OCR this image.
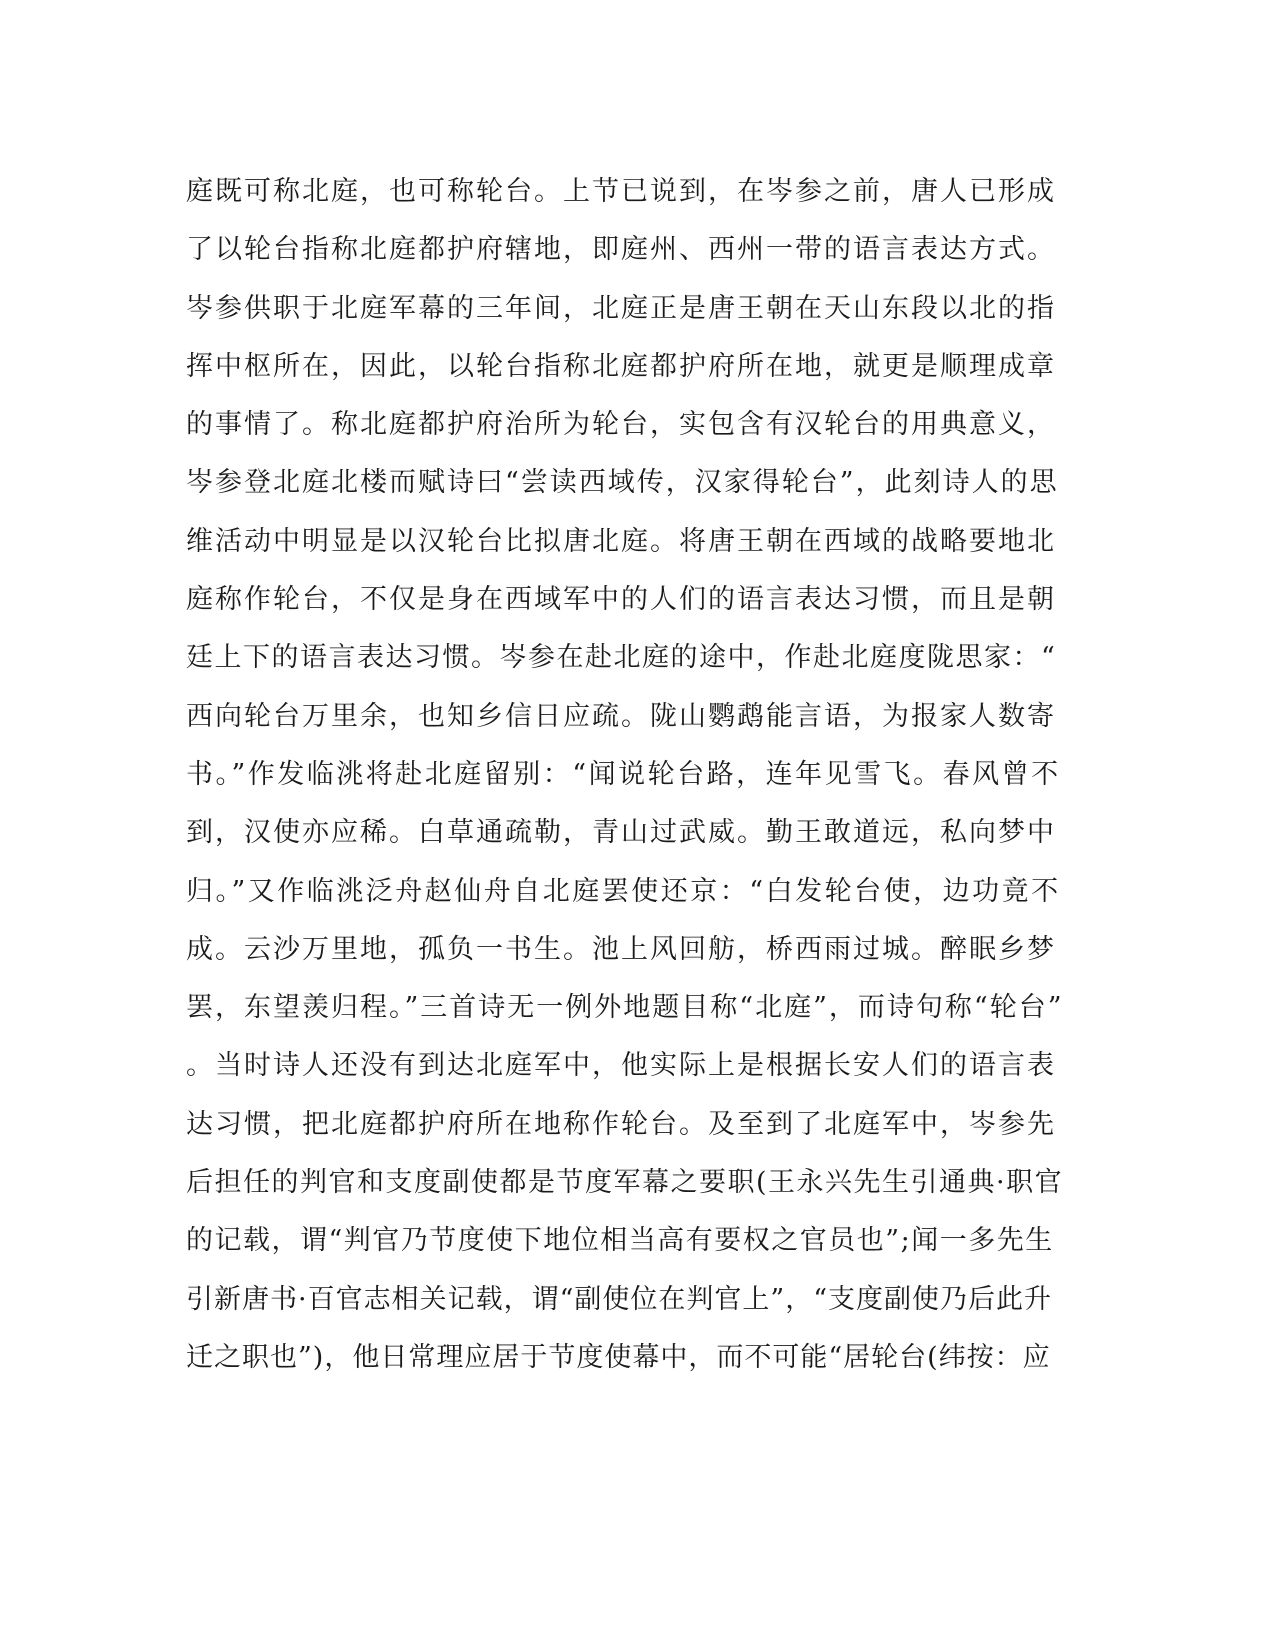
庭既可称北庭，也可称轮台。上节已说到，在岑参之前，唐人已形成
了以轮台指称北庭都护府辖地，即庭州、西州一带的语言表达方式。
岑参供职于北庭军幕的三年间，北庭正是唐王朝在天山东段以北的指
挥中枢所在，因此，以轮台指称北庭都护府所在地，就更是顺理成章
的事情了。称北庭都护府治所为轮台，实包含有汉轮台的用典意义，
岑参登北庭北楼而赋诗曰“尝读西域传，汉家得轮台”，此刻诗人的思
维活动中明显是以汉轮台比拟唐北庭。将唐王朝在西域的战略要地北
庭称作轮台，不仅是身在西域军中的人们的语言表达习惯，而且是朝
廷上下的语言表达习惯。岑参在赴北庭的途中，作赴北庭度陇思家：“
西向轮台万里余，也知乡信日应疏。陇山鹦鹉能言语，为报家人数寄
书。”作发临洮将赴北庭留别：“闻说轮台路，连年见雪飞。春风曾不
到，汉使亦应稀。白草通疏勒，青山过武威。勤王敢道远，私向梦中
归。”又作临洮泛舟赵仙舟自北庭罢使还京：“白发轮台使，边功竟不
成。云沙万里地，孤负一书生。池上风回舫，桥西雨过城。醉眠乡梦
罢，东望羡归程。”三首诗无一例外地题目称“北庭”，而诗句称“轮台”
。当时诗人还没有到达北庭军中，他实际上是根据长安人们的语言表
达习惯，把北庭都护府所在地称作轮台。及至到了北庭军中，岑参先
后担任的判官和支度副使都是节度军幕之要职(王永兴先生引通典·职官
的记载，谓“判官乃节度使下地位相当高有要权之官员也”;闻一多先生
引新唐书·百官志相关记载，谓“副使位在判官上”，“支度副使乃后此升
迁之职也”)，他日常理应居于节度使幕中，而不可能“居轮台(纬按：应
